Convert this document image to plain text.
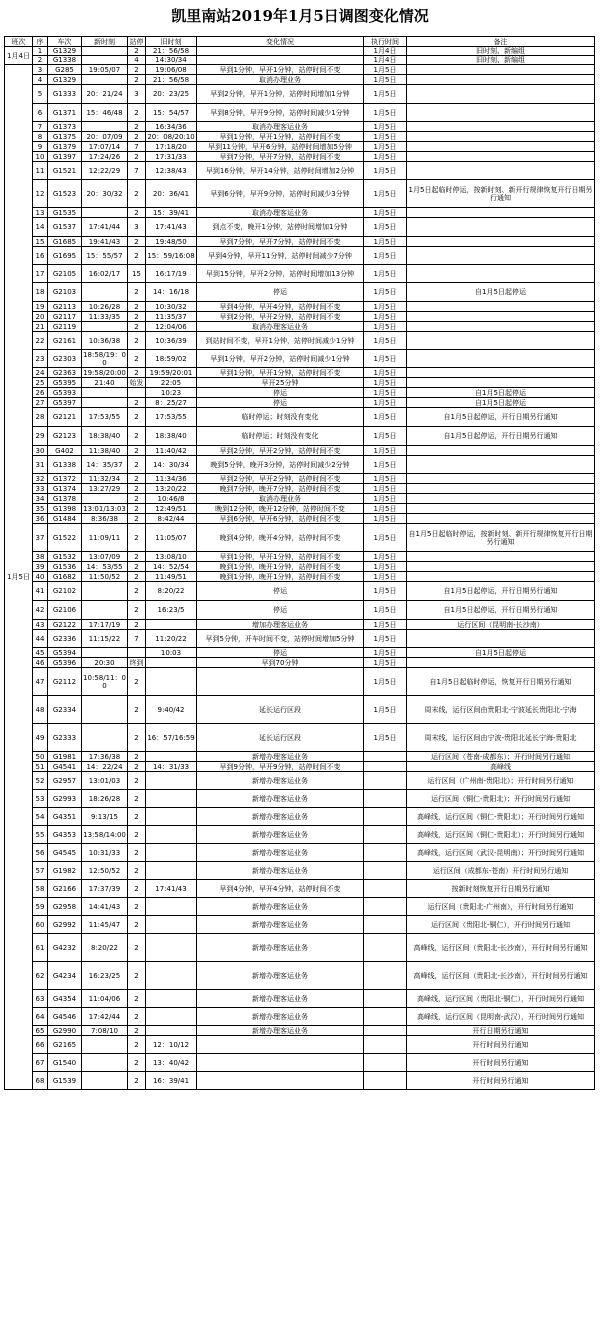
凯里南站2019年1月5日调图变化情况
班次	序	车次	新时刻	站停	旧时刻	变化情况	执行时间	备注
1月4日	1	G1329		2	21：56/58		1月4日	旧时刻、新编组
	2	G1338		4	14:30/34		1月4日	旧时刻、新编组
1月5日	3	G285	19:05/07	2	19:06/08	早到1分钟，早开1分钟，站停时间不变	1月5日	
	4	G1329		2	21：56/58	取消办理业务	1月5日	
	5	G1333	20：21/24	3	20：23/25	早到2分钟，早开1分钟，站停时间增加1分钟	1月5日	
	6	G1371	15：46/48	2	15：54/57	早到8分钟，早开9分钟，站停时间减少1分钟	1月5日	
	7	G1373		2	16:34/36	取消办理客运业务	1月5日	
	8	G1375	20：07/09	2	20：08/20:10	早到1分钟，早开1分钟，站停时间不变	1月5日	
	9	G1379	17:07/14	7	17:18/20	早到11分钟，早开6分钟，站停时间增加5分钟	1月5日	
	10	G1397	17:24/26	2	17:31/33	早到7分钟，早开7分钟，站停时间不变	1月5日	
	11	G1521	12:22/29	7	12:38/43	早到16分钟，早开14分钟，站停时间增加2分钟	1月5日	
	12	G1523	20：30/32	2	20：36/41	早到6分钟，早开9分钟，站停时间减少3分钟	1月5日	1月5日起临时停运，按新时刻、新开行规律恢复开行日期另行通知
	13	G1535		2	15：39/41	取消办理客运业务	1月5日	
	14	G1537	17:41/44	3	17:41/43	到点不变，晚开1分钟，站停时间增加1分钟	1月5日	
	15	G1685	19:41/43	2	19:48/50	早到7分钟，早开7分钟，站停时间不变	1月5日	
	16	G1695	15：55/57	2	15：59/16:08	早到4分钟，早开11分钟，站停时间减少7分钟	1月5日	
	17	G2105	16:02/17	15	16:17/19	早到15分钟，早开2分钟，站停时间增加13分钟	1月5日	
	18	G2103		2	14：16/18	停运	1月5日	自1月5日起停运
	19	G2113	10:26/28	2	10:30/32	早到4分钟，早开4分钟，站停时间不变	1月5日	
	20	G2117	11:33/35	2	11:35/37	早到2分钟，早开2分钟，站停时间不变	1月5日	
	21	G2119		2	12:04/06	取消办理客运业务	1月5日	
	22	G2161	10:36/38	2	10:36/39	到站时间不变，早开1分钟，站停时间减少1分钟	1月5日	
	23	G2303	18:58/19：00	2	18:59/02	早到1分钟，早开2分钟，站停时间减少1分钟	1月5日	
	24	G2363	19:58/20:00	2	19:59/20:01	早到1分钟，早开1分钟，站停时间不变	1月5日	
	25	G5395	21:40	始发	22:05	早开25分钟	1月5日	
	26	G5393			10:23	停运	1月5日	自1月5日起停运
	27	G5397		2	8：25/27	停运	1月5日	自1月5日起停运
	28	G2121	17:53/55	2	17:53/55	临时停运；时刻没有变化	1月5日	自1月5日起停运，开行日期另行通知
	29	G2123	18:38/40	2	18:38/40	临时停运；时刻没有变化	1月5日	自1月5日起停运，开行日期另行通知
	30	G402	11:38/40	2	11:40/42	早到2分钟，早开2分钟，站停时间不变	1月5日	
	31	G1338	14：35/37	2	14：30/34	晚到5分钟，晚开3分钟，站停时间减少2分钟	1月5日	
	32	G1372	11:32/34	2	11:34/36	早到2分钟，早开2分钟，站停时间不变	1月5日	
	33	G1374	13:27/29	2	13:20/22	晚到7分钟，晚开7分钟，站停时间不变	1月5日	
	34	G1378		2	10:46/8	取消办理业务	1月5日	
	35	G1398	13:01/13:03	2	12:49/51	晚到12分钟，晚开12分钟，站停时间不变	1月5日	
	36	G1484	8:36/38	2	8:42/44	早到6分钟，早开6分钟，站停时间不变	1月5日	
	37	G1522	11:09/11	2	11:05/07	晚到4分钟，晚开4分钟，站停时间不变	1月5日	自1月5日起临时停运，按新时刻、新开行规律恢复开行日期另行通知
	38	G1532	13:07/09	2	13:08/10	早到1分钟，早开1分钟，站停时间不变	1月5日	
	39	G1536	14：53/55	2	14：52/54	晚到1分钟，晚开1分钟，站停时间不变	1月5日	
	40	G1682	11:50/52	2	11:49/51	晚到1分钟，晚开1分钟，站停时间不变	1月5日	
	41	G2102		2	8:20/22	停运	1月5日	自1月5日起停运，开行日期另行通知
	42	G2106		2	16:23/5	停运	1月5日	自1月5日起停运，开行日期另行通知
	43	G2122	17:17/19	2		增加办理客运业务	1月5日	运行区间（昆明南-长沙南）
	44	G2336	11:15/22	7	11:20/22	早到5分钟，开车时间不变，站停时间增加5分钟	1月5日	
	45	G5394			10:03	停运	1月5日	自1月5日起停运
	46	G5396	20:30	终到		早到70分钟	1月5日	
	47	G2112	10:58/11：00	2			1月5日	自1月5日起临时停运，恢复开行日期另行通知
	48	G2334		2	9:40/42	延长运行区段	1月5日	周末线，运行区间由贵阳北-宁波延长贵阳北-宁海
	49	G2333		2	16：57/16:59	延长运行区段	1月5日	周末线，运行区间由宁波-贵阳北延长宁海-贵阳北
	50	G1981	17:36/38	2		新增办理客运业务		运行区间（苍南-成都东）；开行时间另行通知
	51	G4541	14：22/24	2	14：31/33	早到9分钟，早开9分钟，站停时间不变		高峰线
	52	G2957	13:01/03	2		新增办理客运业务		运行区间（广州南-贵阳北）；开行时间另行通知
	53	G2993	18:26/28	2		新增办理客运业务		运行区间（铜仁-贵阳北）；开行时间另行通知
	54	G4351	9:13/15	2		新增办理客运业务		高峰线，运行区间（铜仁-贵阳北）；开行时间另行通知
	55	G4353	13:58/14:00	2		新增办理客运业务		高峰线，运行区间（铜仁-贵阳北）；开行时间另行通知
	56	G4545	10:31/33	2		新增办理客运业务		高峰线，运行区间（武汉-昆明南）；开行时间另行通知
	57	G1982	12:50/52	2		新增办理客运业务		运行区间（成都东-苍南）开行时间另行通知
	58	G2166	17:37/39	2	17:41/43	早到4分钟，早开4分钟，站停时间不变		按新时刻恢复开行日期另行通知
	59	G2958	14:41/43	2		新增办理客运业务		运行区间（贵阳北-广州南），开行时间另行通知
	60	G2992	11:45/47	2		新增办理客运业务		运行区间（贵阳北-铜仁），开行时间另行通知
	61	G4232	8:20/22	2		新增办理客运业务		高峰线，运行区间（贵阳北-长沙南），开行时间另行通知
	62	G4234	16:23/25	2		新增办理客运业务		高峰线，运行区间（贵阳北-长沙南），开行时间另行通知
	63	G4354	11:04/06	2		新增办理客运业务		高峰线，运行区间（贵阳北-铜仁），开行时间另行通知
	64	G4546	17:42/44	2		新增办理客运业务		高峰线，运行区间（昆明南-武汉），开行时间另行通知
	65	G2990	7:08/10	2		新增办理客运业务		开行日期另行通知
	66	G2165		2	12：10/12			开行时间另行通知
	67	G1540		2	13：40/42			开行时间另行通知
	68	G1539		2	16：39/41			开行时间另行通知
